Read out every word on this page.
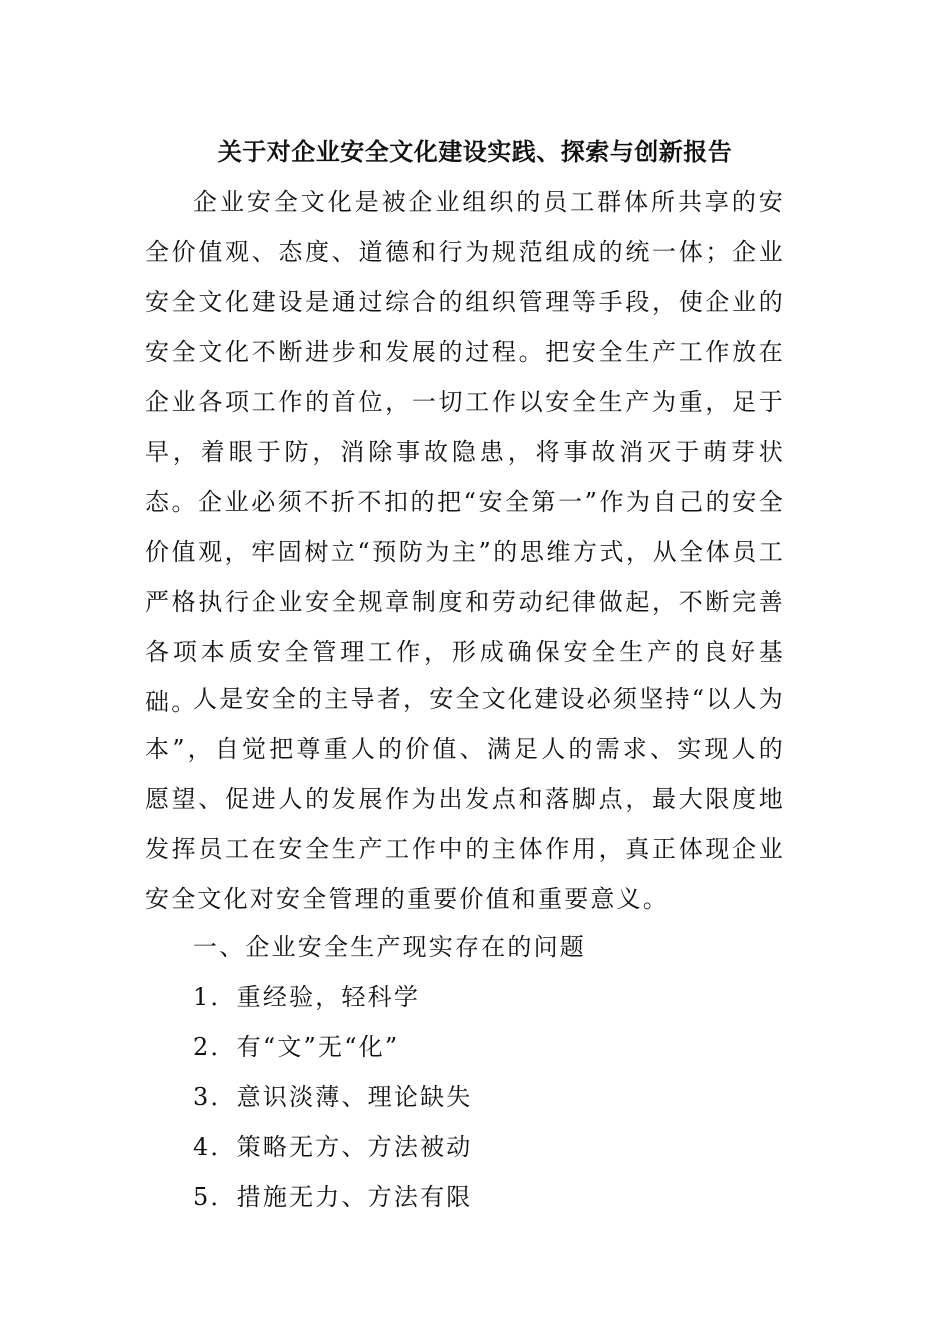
关于对企业安全文化建设实践、探索与创新报告

企业安全文化是被企业组织的员工群体所共享的安全价值观、态度、道德和行为规范组成的统一体；企业安全文化建设是通过综合的组织管理等手段，使企业的安全文化不断进步和发展的过程。把安全生产工作放在企业各项工作的首位，一切工作以安全生产为重，足于早，着眼于防，消除事故隐患，将事故消灭于萌芽状态。企业必须不折不扣的把“安全第一”作为自己的安全价值观，牢固树立“预防为主”的思维方式，从全体员工严格执行企业安全规章制度和劳动纪律做起，不断完善各项本质安全管理工作，形成确保安全生产的良好基础。

人是安全的主导者，安全文化建设必须坚持“以人为本”，自觉把尊重人的价值、满足人的需求、实现人的愿望、促进人的发展作为出发点和落脚点，最大限度地发挥员工在安全生产工作中的主体作用，真正体现企业安全文化对安全管理的重要价值和重要意义。

一、企业安全生产现实存在的问题

1．重经验，轻科学

2．有“文”无“化”

3．意识淡薄、理论缺失

4．策略无方、方法被动

5．措施无力、方法有限
